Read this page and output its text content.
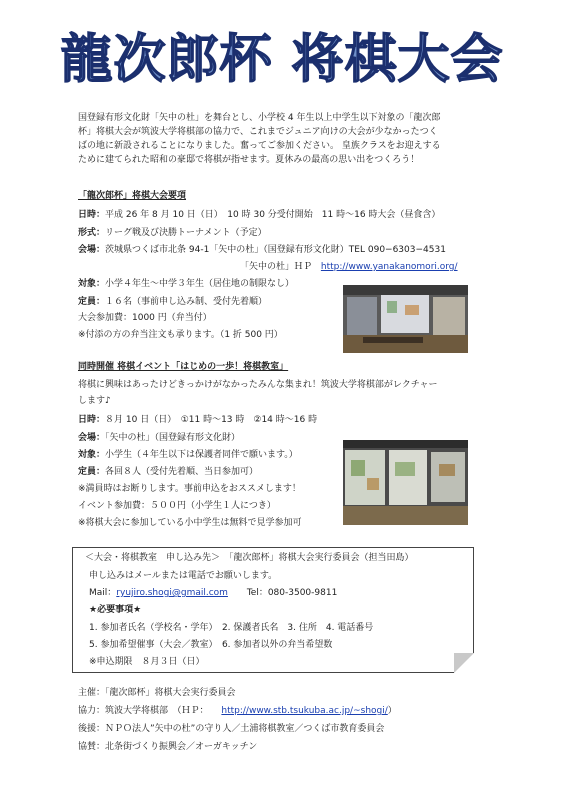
龍次郎杯 将棋大会

国登録有形文化財「矢中の杜」を舞台とし、小学校 4 年生以上中学生以下対象の「龍次郎

杯」将棋大会が筑波大学将棋部の協力で、これまでジュニア向けの大会が少なかったつく

ばの地に新設されることになりました。奮ってご参加ください。 皇族クラスをお迎えする

ために建てられた昭和の豪邸で将棋が指せます。夏休みの最高の思い出をつくろう！

「龍次郎杯」将棋大会要項
日時：平成 26 年 8 月 10 日（日）　10 時 30 分受付開始　11 時～16 時大会（昼食含）
形式：リーグ戦及び決勝トーナメント（予定）
会場：茨城県つくば市北条 94-1「矢中の杜」（国登録有形文化財）TEL 090−6303−4531
「矢中の杜」ＨＰ http://www.yanakanomori.org/
対象：小学４年生～中学３年生（居住地の制限なし）
定員：１６名（事前申し込み制、受付先着順）
大会参加費：1000 円（弁当付）
※付添の方の弁当注文も承ります。（1 折 500 円）
同時開催 将棋イベント「はじめの一歩！将棋教室」
将棋に興味はあったけどきっかけがなかったみんな集まれ！筑波大学将棋部がレクチャー
します♪
日時：８月 10 日（日）　①11 時～13 時　②14 時～16 時
会場：「矢中の杜」（国登録有形文化財）
対象：小学生（４年生以下は保護者同伴で願います。）
定員：各回８人（受付先着順、当日参加可）
※満員時はお断りします。事前申込をおススメします！
イベント参加費：５００円（小学生１人につき）
※将棋大会に参加している小中学生は無料で見学参加可
＜大会・将棋教室　申し込み先＞　「龍次郎杯」将棋大会実行委員会（担当田島）
申し込みはメールまたは電話でお願いします。
Mail：ryujiro.shogi@gmail.com Tel：080-3500-9811
★必要事項★
1. 参加者氏名（学校名・学年）　2. 保護者氏名　3. 住所　4. 電話番号
5. 参加希望催事（大会／教室）　6. 参加者以外の弁当希望数
※申込期限　８月３日（日）
主催：「龍次郎杯」将棋大会実行委員会
協力：筑波大学将棋部　（ＨＰ： http://www.stb.tsukuba.ac.jp/~shogi/）
後援：ＮＰＯ法人”矢中の杜”の守り人／土浦将棋教室／つくば市教育委員会
協賛：北条街づくり振興会／オーガキッチン
